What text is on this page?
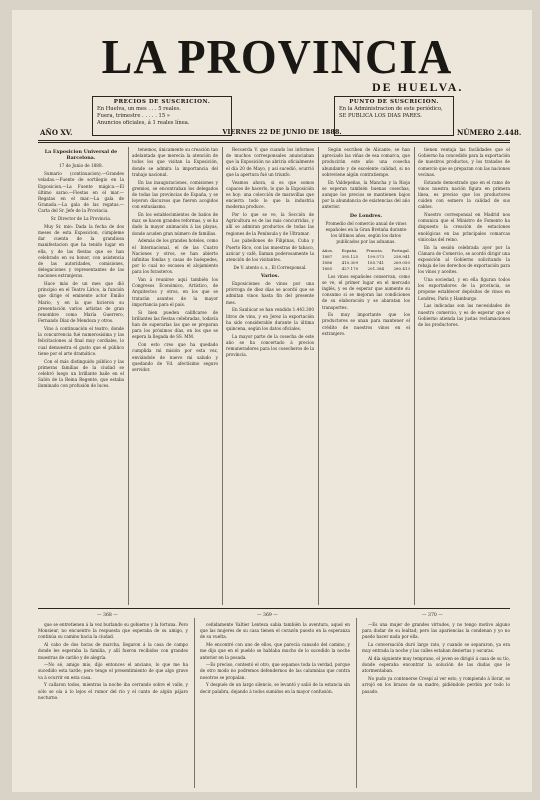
LA PROVINCIA
DE HUELVA.
PRECIOS DE SUSCRICION.
En Huelva, un mes . . . 5 reales.
Fuera, trimestre . . . . . 15 »
Anuncios oficiales, á 1 reales línea.
PUNTO DE SUSCRICION.
En la Administracion de este periódico,
SE PUBLICA LOS DIAS PARES.
AÑO XV.	VIERNES 22 DE JUNIO DE 1888.	NÚMERO 2.448.

La Exposicion Universal de Barcelona.

17 de Junio de 1888.

Sumario (continuacion).—Grandes veladas.—Fuente de sortilegio en la Exposicion.—La Fuente mágica.—El último sarao.—Fiestas en el mar.—Regatas en el mar.—La gala de Granada.—La gala de las regatas.—Carta del Sr. Jefe de la Provincia.

Sr. Director de La Provincia.

Muy Sr. mio: Dada la fecha de dos meses de esta Exposicion, cúmpleme dar cuenta de la grandiosa manifestacion que ha tenido lugar en ella, y de las fiestas que se han celebrado en su honor, con asistencia de las autoridades, comisiones, delegaciones y representantes de las naciones extranjeras.

Hace más de un mes que dió principio en el Teatro Lírico, la función que dirige el eminente actor Emilio Mario, y en la que hicieron su presentación varios artistas de gran renombre como María Guerrero, Fernando Díaz de Mendoza y otros.

Vino á continuación el teatro, donde la concurrencia fué numerosísima y las felicitaciones al final muy cordiales, lo cual demuestra el gusto que el público tiene por el arte dramático.

Con el más distinguido público y las primeras familias de la ciudad se celebró luego un brillante baile en el Salón de la Reina Regente, que estaba iluminado con profusión de luces.

tenemos, únicamente su creación tan adelantada que merecía la atención de todos los que visitan la Exposición, donde se admira la importancia del trabajo nacional.

En las inauguraciones, comisiones y gremios, se encontraban los delegados de todas las provincias de España, y se leyeron discursos que fueron acogidos con entusiasmo.

En los establecimientos de baños de mar, se hacen grandes reformas, y se ha dado la mayor animación á las playas, donde acuden gran número de familias.

Además de los grandes hoteles, como el Internacional, el de las Cuatro Naciones y otros, se han abierto infinitas fondas y casas de huéspedes, por lo cual no escasea el alojamiento para los forasteros.

Van á reunirse aquí también los Congresos Económico, Artístico, de Arquitectos y otros, en los que se tratarán asuntos de la mayor importancia para el país.

Si bien pueden calificarse de brillantes las fiestas celebradas, todavía han de superarlas las que se preparan para los próximos días, en los que se espera la llegada de SS. MM.

Con esto creo que ha quedado cumplida mi misión por esta vez, enviándole de nuevo mi saludo y quedando de Vd. afectísimo seguro servidor.

Recuerda V. que cuando los informes de muchos corresponsales anunciaban que la Exposición no abriría oficialmente el día 20 de Mayo, y así sucedió, ocurrió que la apertura fué un triunfo.

Veamos ahora, si es que somos capaces de hacerlo, lo que la Exposición es hoy: una colección de maravillas que encierra todo lo que la industria moderna produce.

Por lo que se ve, la Sección de Agricultura es de las más concurridas, y allí se admiran productos de todas las regiones de la Península y de Ultramar.

Los pabellones de Filipinas, Cuba y Puerto Rico, con las muestras de tabaco, azúcar y café, llaman poderosamente la atención de los visitantes.

De V. atento s. s., El Corresponsal.

Varios.

Exposiciones de vinos por una prórroga de diez días se acordó que se admitan vinos hasta fin del presente mes.

En Sanlúcar se han vendido 1.443.300 litros de vino, y en Jerez la exportación ha sido considerable durante la última quincena, según los datos oficiales.

La mayor parte de la cosecha de este año se ha concertado á precios remuneradores para los cosecheros de la provincia.

Según escriben de Alicante, se han apreciado las viñas de esa comarca, que producirán este año una cosecha abundante y de excelente calidad, si no sobreviene algún contratiempo.

En Valdepeñas, la Mancha y la Rioja se esperan también buenas cosechas, aunque los precios se mantienen bajos por la abundancia de existencias del año anterior.

De Londres.

Promedio del comercio anual de vinos españoles en la Gran Bretaña durante los últimos años, según los datos publicados por las aduanas.

Años. España. Francia. Portugal.
1887 395.125 199.573 258.941
1886 410.309 185.741 269.050
1885 427.170 201.384 280.413

Los vinos españoles conservan, como se ve, el primer lugar en el mercado inglés, y es de esperar que aumente su consumo si se mejoran las condiciones de su elaboración y se abaratan los transportes.

Es muy importante que los productores se unan para mantener el crédito de nuestros vinos en el extranjero.

tienen ventaja las facilidades que el Gobierno ha concedido para la exportación de nuestros productos, y los tratados de comercio que se preparan con las naciones vecinas.

Estando demostrado que en el ramo de vinos nuestra nación figura en primera línea, es preciso que los productores cuiden con esmero la calidad de sus caldos.

Nuestro corresponsal en Madrid nos comunica que el Ministro de Fomento ha dispuesto la creación de estaciones enológicas en las principales comarcas vinícolas del reino.

En la sesión celebrada ayer por la Cámara de Comercio, se acordó dirigir una exposición al Gobierno solicitando la rebaja de los derechos de exportación para los vinos y aceites.

Una sociedad, y en ella figuran todos los exportadores de la provincia, se propone establecer depósitos de vinos en Londres, París y Hamburgo.

Las indicadas son las necesidades de nuestro comercio, y es de esperar que el Gobierno atienda las justas reclamaciones de los productores.

— 368 —	— 369 —	— 370 —

que se entretienen á la vez burlando su gobierno y la fortuna. Pero Monsieur, no encuentro la respuesta que esperaba de su amigo, y continúa su camino hacia la ciudad.

Al cabo de dos horas de marcha, llegaron á la casa de campo donde les esperaba la familia, y allí fueron recibidos con grandes muestras de cariño y de alegría.

—No sé, amigo mio, dijo entonces el anciano, lo que me ha sucedido esta tarde; pero tengo el presentimiento de que algo grave va á ocurrir en esta casa.

Y callaron todos, mientras la noche iba cerrando sobre el valle, y sólo se oía á lo lejos el rumor del río y el canto de algún pájaro nocturno.

ceñidamente Valtier Lenteza sabía también la aventura, aquel en que las mujeres de su casa tienen el corazón puesto en la esperanza de su vuelta.

Me encontré con uno de ellos, que parecía cansado del camino, y me dijo que en el pueblo se hablaba mucho de lo sucedido la noche anterior en la posada.

—Es preciso, contestó el otro, que sepamos toda la verdad, porque de otro modo no podremos defendernos de las calumnias que contra nosotros se propalan.

Y después de un largo silencio, se levantó y salió de la estancia sin decir palabra, dejando á todos sumidos en la mayor confusión.

—Es una mujer de grandes virtudes, y no tengo motivo alguno para dudar de su lealtad; pero las apariencias la condenan y yo no puedo hacer nada por ella.

La conversación duró largo rato, y cuando se separaron, ya era muy entrada la noche y las calles estaban desiertas y oscuras.

Al día siguiente muy temprano, el joven se dirigió á casa de su tío, donde esperaba encontrar la solución de las dudas que le atormentaban.

No pudo ya contenerse Crespí al ver esto, y rompiendo á llorar, se arrojó en los brazos de su madre, pidiéndole perdón por todo lo pasado.
